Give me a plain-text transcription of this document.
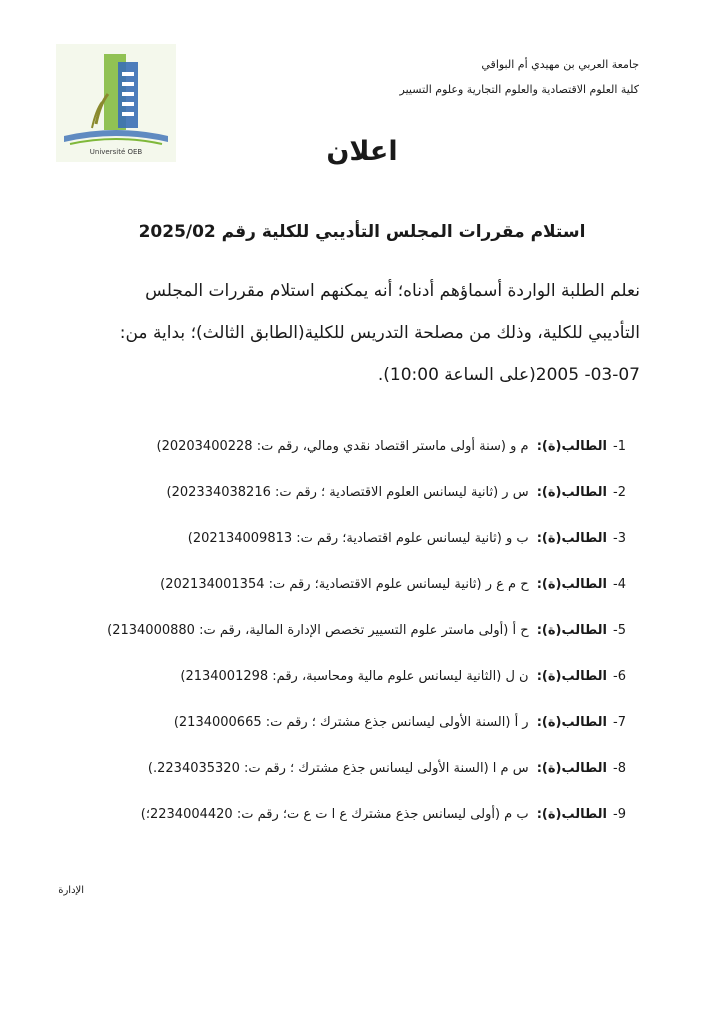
Université OEB
جامعة العربي بن مهيدي أم البواقي
كلية العلوم الاقتصادية والعلوم التجارية وعلوم التسيير
اعلان
استلام مقررات المجلس التأديبي للكلية رقم 2025/02
نعلم الطلبة الواردة أسماؤهم أدناه؛ أنه يمكنهم استلام مقررات المجلس
التأديبي للكلية، وذلك من مصلحة التدريس للكلية(الطابق الثالث)؛ بداية من:
03-07- 2005(على الساعة 10:00).
1-الطالب(ة): م و (سنة أولى ماستر اقتصاد نقدي ومالي، رقم ت: 20203400228)
2-الطالب(ة): س ر (ثانية ليسانس العلوم الاقتصادية ؛ رقم ت: 202334038216)
3-الطالب(ة): ب و (ثانية ليسانس علوم اقتصادية؛ رقم ت: 202134009813)
4-الطالب(ة): ح م ع ر (ثانية ليسانس علوم الاقتصادية؛ رقم ت: 202134001354)
5-الطالب(ة): ح أ (أولى ماستر علوم التسيير تخصص الإدارة المالية، رقم ت: 2134000880)
6-الطالب(ة): ن ل (الثانية ليسانس علوم مالية ومحاسبة، رقم: 2134001298)
7-الطالب(ة): ر أ (السنة الأولى ليسانس جذع مشترك ؛ رقم ت: 2134000665)
8-الطالب(ة): س م ا (السنة الأولى ليسانس جذع مشترك ؛ رقم ت: 2234035320.)
9-الطالب(ة): ب م (أولى ليسانس جذع مشترك ع ا ت ع ت؛ رقم ت: 2234004420؛)
الإدارة
